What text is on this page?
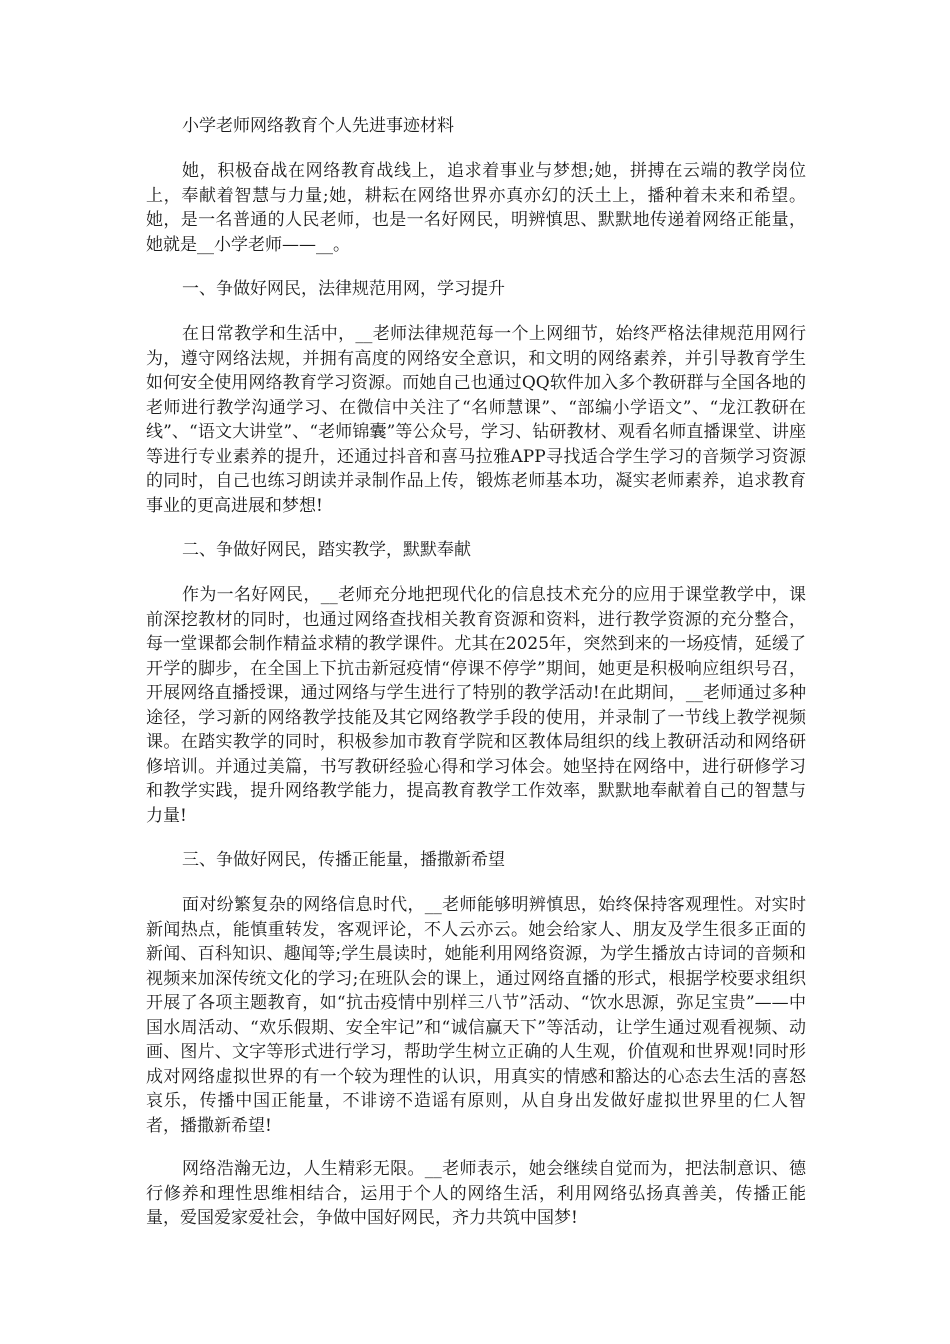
小学老师网络教育个人先进事迹材料

她，积极奋战在网络教育战线上，追求着事业与梦想;她，拼搏在云端的教学岗位上，奉献着智慧与力量;她，耕耘在网络世界亦真亦幻的沃土上，播种着未来和希望。她，是一名普通的人民老师，也是一名好网民，明辨慎思、默默地传递着网络正能量，她就是__小学老师——__。

一、争做好网民，法律规范用网，学习提升

在日常教学和生活中，__老师法律规范每一个上网细节，始终严格法律规范用网行为，遵守网络法规，并拥有高度的网络安全意识，和文明的网络素养，并引导教育学生如何安全使用网络教育学习资源。而她自己也通过QQ软件加入多个教研群与全国各地的老师进行教学沟通学习、在微信中关注了“名师慧课”、“部编小学语文”、“龙江教研在线”、“语文大讲堂”、“老师锦囊”等公众号，学习、钻研教材、观看名师直播课堂、讲座等进行专业素养的提升，还通过抖音和喜马拉雅APP寻找适合学生学习的音频学习资源的同时，自己也练习朗读并录制作品上传，锻炼老师基本功，凝实老师素养，追求教育事业的更高进展和梦想!

二、争做好网民，踏实教学，默默奉献

作为一名好网民，__老师充分地把现代化的信息技术充分的应用于课堂教学中，课前深挖教材的同时，也通过网络查找相关教育资源和资料，进行教学资源的充分整合，每一堂课都会制作精益求精的教学课件。尤其在2025年，突然到来的一场疫情，延缓了开学的脚步，在全国上下抗击新冠疫情“停课不停学”期间，她更是积极响应组织号召，开展网络直播授课，通过网络与学生进行了特别的教学活动!在此期间，__老师通过多种途径，学习新的网络教学技能及其它网络教学手段的使用，并录制了一节线上教学视频课。在踏实教学的同时，积极参加市教育学院和区教体局组织的线上教研活动和网络研修培训。并通过美篇，书写教研经验心得和学习体会。她坚持在网络中，进行研修学习和教学实践，提升网络教学能力，提高教育教学工作效率，默默地奉献着自己的智慧与力量!

三、争做好网民，传播正能量，播撒新希望

面对纷繁复杂的网络信息时代，__老师能够明辨慎思，始终保持客观理性。对实时新闻热点，能慎重转发，客观评论，不人云亦云。她会给家人、朋友及学生很多正面的新闻、百科知识、趣闻等;学生晨读时，她能利用网络资源，为学生播放古诗词的音频和视频来加深传统文化的学习;在班队会的课上，通过网络直播的形式，根据学校要求组织开展了各项主题教育，如“抗击疫情中别样三八节”活动、“饮水思源，弥足宝贵”——中国水周活动、“欢乐假期、安全牢记”和“诚信赢天下”等活动，让学生通过观看视频、动画、图片、文字等形式进行学习，帮助学生树立正确的人生观，价值观和世界观!同时形成对网络虚拟世界的有一个较为理性的认识，用真实的情感和豁达的心态去生活的喜怒哀乐，传播中国正能量，不诽谤不造谣有原则，从自身出发做好虚拟世界里的仁人智者，播撒新希望!

网络浩瀚无边，人生精彩无限。__老师表示，她会继续自觉而为，把法制意识、德行修养和理性思维相结合，运用于个人的网络生活，利用网络弘扬真善美，传播正能量，爱国爱家爱社会，争做中国好网民，齐力共筑中国梦!
